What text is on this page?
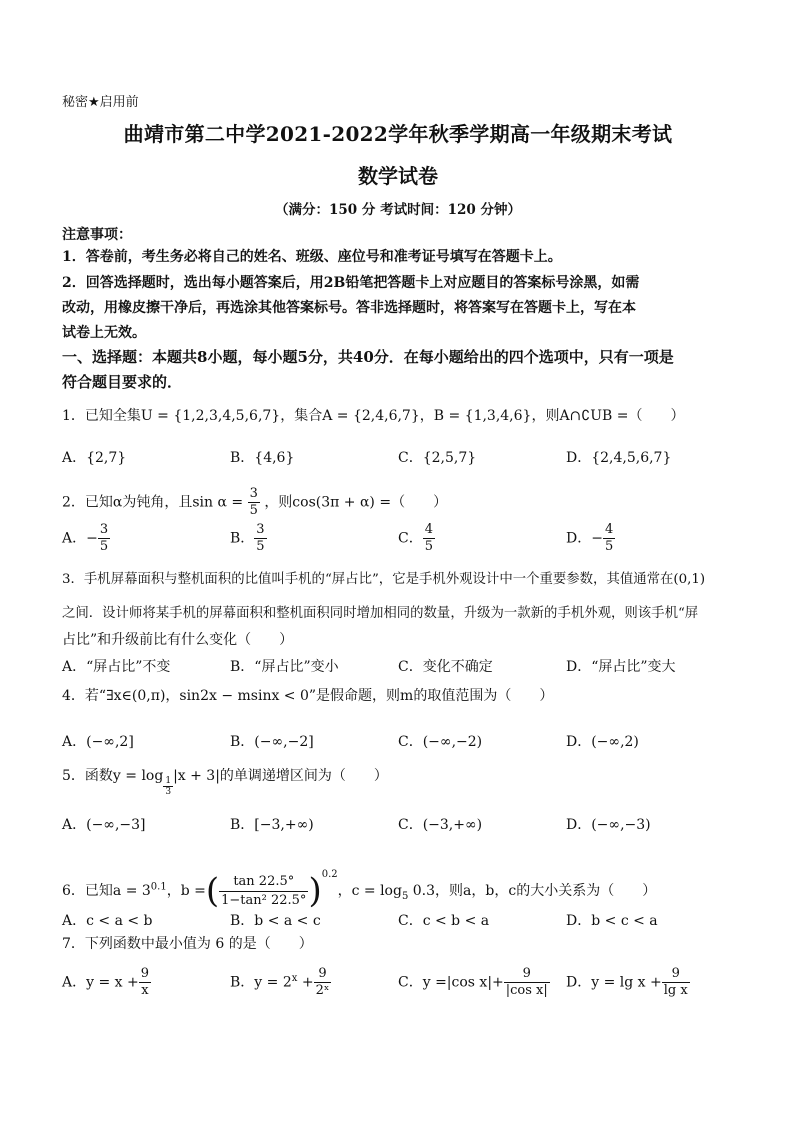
秘密★启用前
曲靖市第二中学2021-2022学年秋季学期高一年级期末考试
数学试卷
（满分：150 分 考试时间：120 分钟）
注意事项：
1．答卷前，考生务必将自己的姓名、班级、座位号和准考证号填写在答题卡上。
2．回答选择题时，选出每小题答案后，用2B铅笔把答题卡上对应题目的答案标号涂黑，如需
改动，用橡皮擦干净后，再选涂其他答案标号。答非选择题时，将答案写在答题卡上，写在本
试卷上无效。
一、选择题：本题共8小题，每小题5分，共40分．在每小题给出的四个选项中，只有一项是
符合题目要求的．
1．已知全集U = {1,2,3,4,5,6,7}，集合A = {2,4,6,7}，B = {1,3,4,6}，则A∩∁UB =（　　）
A．{2,7}	B．{4,6}	C．{2,5,7}	D．{2,4,5,6,7}
2．已知α为钝角，且$\sin \alpha = \frac{3}{5}$ ，则cos(3π + α) =（　　）
A．− $\frac{3}{5}$	B． $\frac{3}{5}$	C． $\frac{4}{5}$	D．− $\frac{4}{5}$
3．手机屏幕面积与整机面积的比值叫手机的“屏占比”，它是手机外观设计中一个重要参数，其值通常在(0,1)
之间．设计师将某手机的屏幕面积和整机面积同时增加相同的数量，升级为一款新的手机外观，则该手机“屏
占比”和升级前比有什么变化（　　）
A．“屏占比”不变	B．“屏占比”变小	C．变化不确定	D．“屏占比”变大
4．若“∃x∈(0,π)，sin2x − msinx < 0”是假命题，则m的取值范围为（　　）
A．(−∞,2]	B．(−∞,−2]	C．(−∞,−2)	D．(−∞,2)
5．函数$y = \log \frac{1}{3} |x + 3|$的单调递增区间为（　　）
A．(−∞,−3]	B．[−3,+∞)	C．(−3,+∞)	D．(−∞,−3)
6．已知$a = 3^{0.1}$，b =( $\frac{\tan 22.5^\circ}{\text{1−tan² 22.5°}} )^{0.2}$，$c = \log_5 0.3$，则a，b，c的大小关系为（　　）
A．c < a < b	B．b < a < c	C．c < b < a	D．b < c < a
7．下列函数中最小值为 6 的是（　　）
A．$y = x + \frac{9}{x}$	B．$y = 2^x + \frac{9}{\text{2ˣ}}$	C．y =|cos $x|+ \frac{9}{\text{|cos x|}}$ D．$y = \lg x + \frac{9}{\text{lg x}}$
